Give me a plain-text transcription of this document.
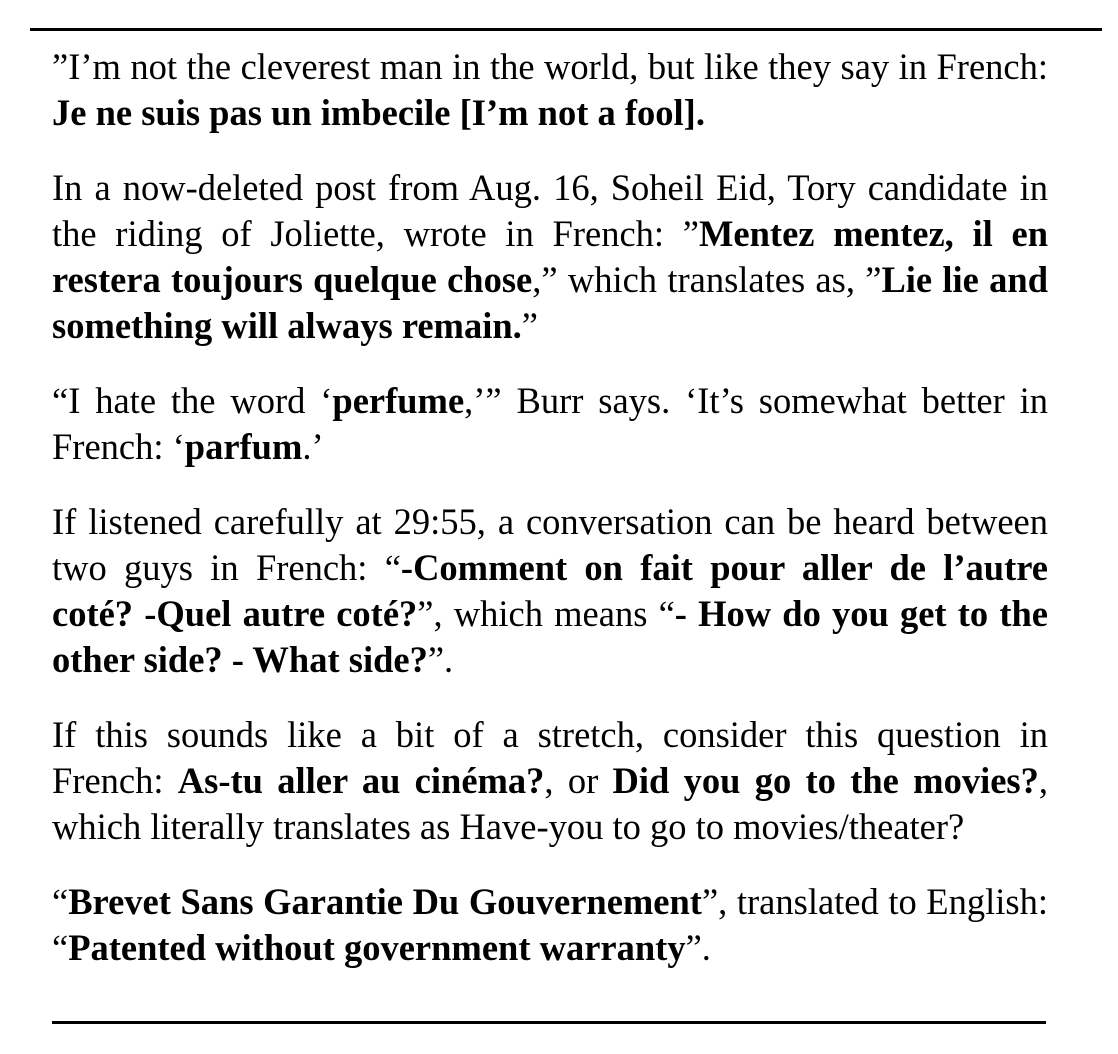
”I’m not the cleverest man in the world, but like they say in French: Je ne suis pas un imbecile [I’m not a fool].

In a now-deleted post from Aug. 16, Soheil Eid, Tory candidate in the riding of Joliette, wrote in French: ”Mentez mentez, il en restera toujours quelque chose,” which translates as, ”Lie lie and something will always remain.”

“I hate the word ‘perfume,’” Burr says. ‘It’s somewhat better in French: ‘parfum.’

If listened carefully at 29:55, a conversation can be heard between two guys in French: “-Comment on fait pour aller de l’autre coté? -Quel autre coté?”, which means “- How do you get to the other side? - What side?”.

If this sounds like a bit of a stretch, consider this question in French: As-tu aller au cinéma?, or Did you go to the movies?, which literally translates as Have-you to go to movies/theater?

“Brevet Sans Garantie Du Gouvernement”, translated to English: “Patented without government warranty”.
